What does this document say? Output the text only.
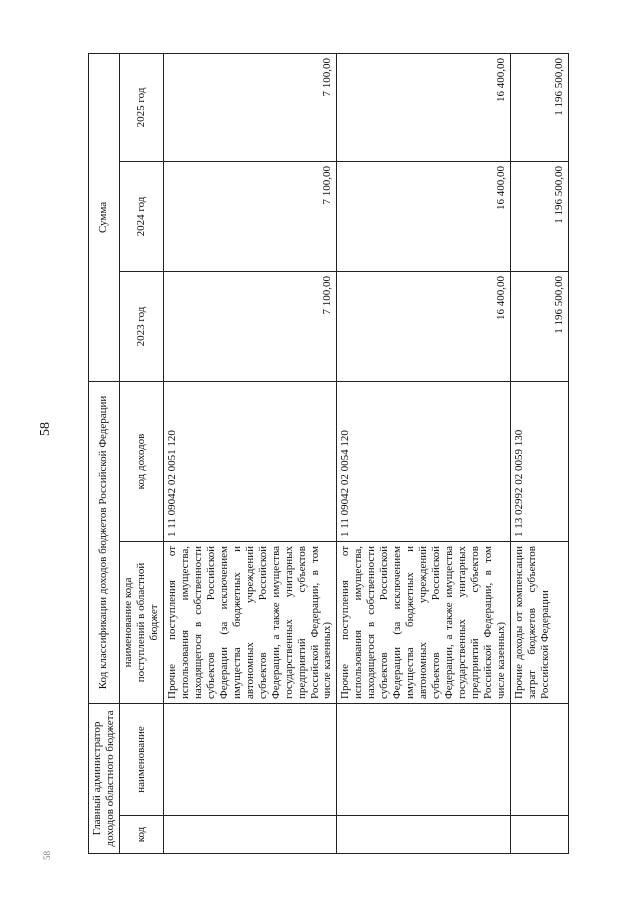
58
58
Главный администратор доходов областного бюджета		Код классификации доходов бюджетов Российской Федерации		Сумма		
код	наименование	наименование кода поступлений в областной бюджет	код доходов	2023 год	2024 год	2025 год
		Прочие поступления от использования имущества, находящегося в собственности субъектов Российской Федерации (за исключением имущества бюджетных и автономных учреждений субъектов Российской Федерации, а также имущества государственных унитарных предприятий субъектов Российской Федерации, в том числе казенных)	1 11 09042 02 0051 120	7 100,00	7 100,00	7 100,00
		Прочие поступления от использования имущества, находящегося в собственности субъектов Российской Федерации (за исключением имущества бюджетных и автономных учреждений субъектов Российской Федерации, а также имущества государственных унитарных предприятий субъектов Российской Федерации, в том числе казенных)	1 11 09042 02 0054 120	16 400,00	16 400,00	16 400,00
		Прочие доходы от компенсации затрат бюджетов субъектов Российской Федерации	1 13 02992 02 0059 130	1 196 500,00	1 196 500,00	1 196 500,00
